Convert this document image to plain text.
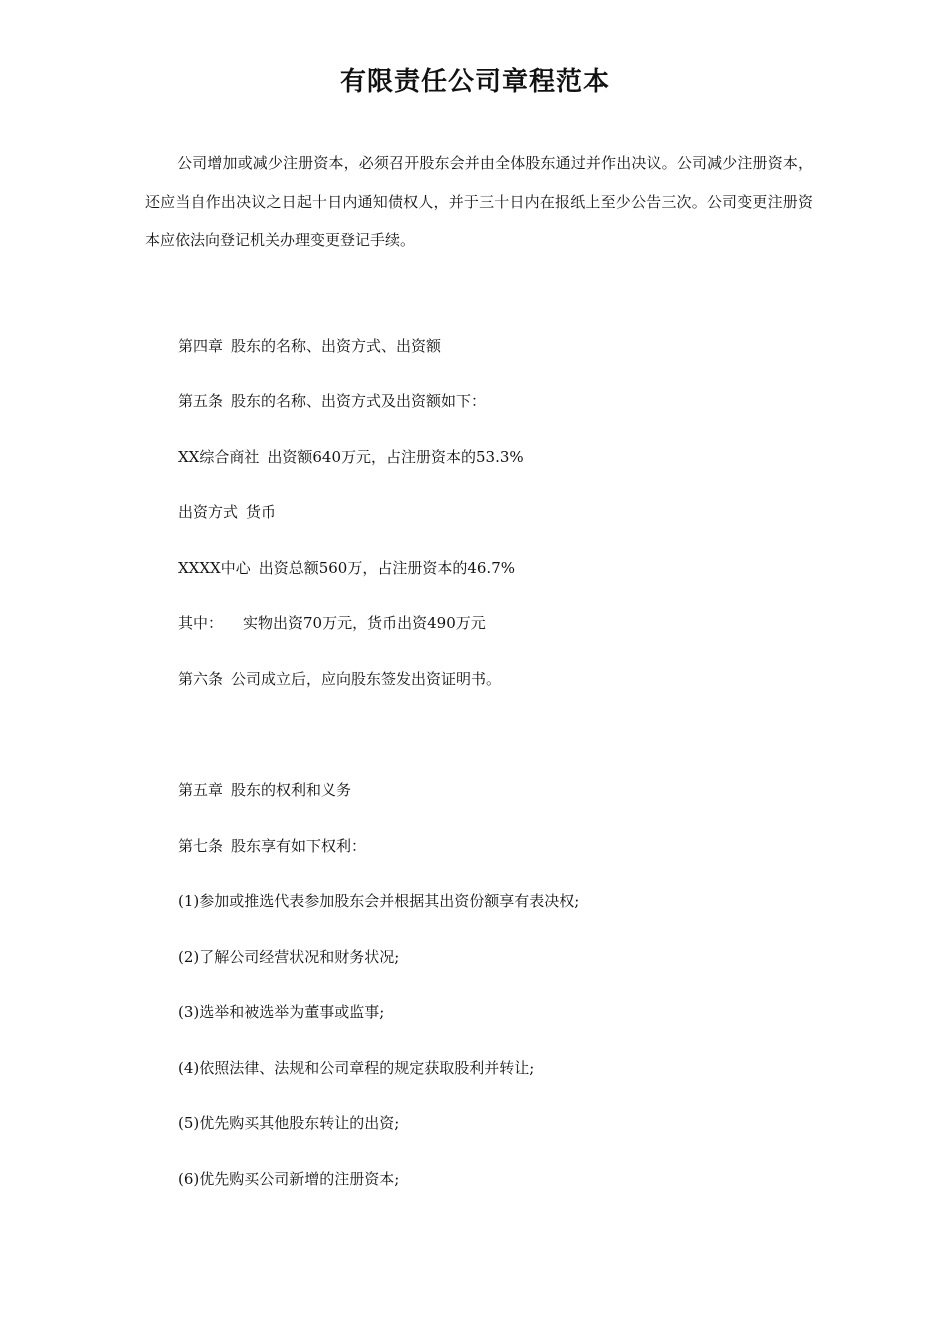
有限责任公司章程范本
公司增加或减少注册资本，必须召开股东会并由全体股东通过并作出决议。公司减少注册资本，还应当自作出决议之日起十日内通知债权人，并于三十日内在报纸上至少公告三次。公司变更注册资本应依法向登记机关办理变更登记手续。
第四章 股东的名称、出资方式、出资额
第五条 股东的名称、出资方式及出资额如下：
XX综合商社 出资额640万元，占注册资本的53.3%
出资方式 货币
XXXX中心 出资总额560万，占注册资本的46.7%
其中： 实物出资70万元，货币出资490万元
第六条 公司成立后，应向股东签发出资证明书。
第五章 股东的权利和义务
第七条 股东享有如下权利：
(1)参加或推选代表参加股东会并根据其出资份额享有表决权;
(2)了解公司经营状况和财务状况;
(3)选举和被选举为董事或监事;
(4)依照法律、法规和公司章程的规定获取股利并转让;
(5)优先购买其他股东转让的出资;
(6)优先购买公司新增的注册资本;
